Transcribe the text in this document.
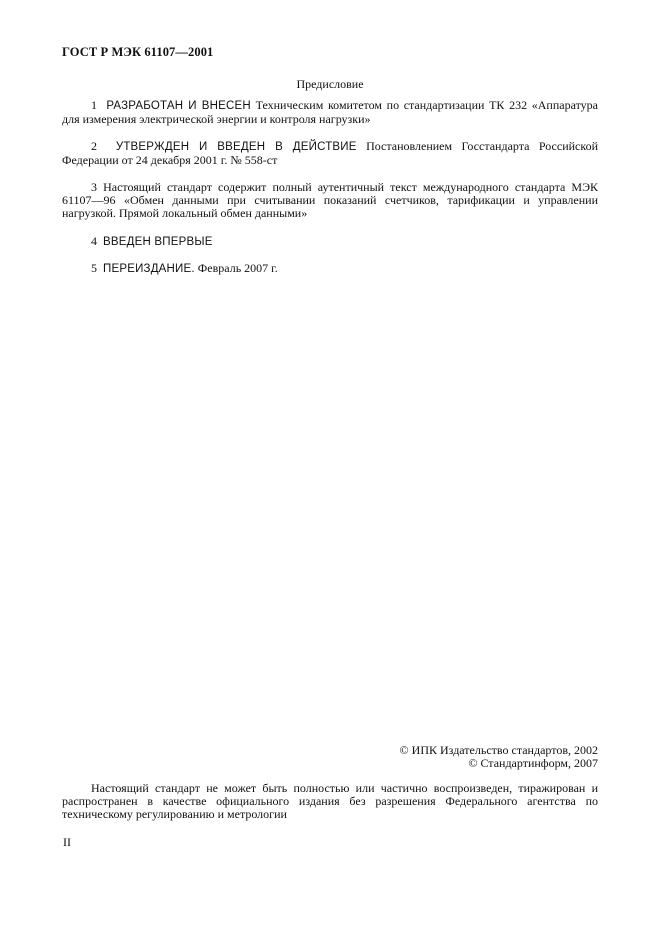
ГОСТ Р МЭК 61107—2001
Предисловие
1 РАЗРАБОТАН И ВНЕСЕН Техническим комитетом по стандартизации ТК 232 «Аппаратура для измерения электрической энергии и контроля нагрузки»
2 УТВЕРЖДЕН И ВВЕДЕН В ДЕЙСТВИЕ Постановлением Госстандарта Российской Федерации от 24 декабря 2001 г. № 558-ст
3 Настоящий стандарт содержит полный аутентичный текст международного стандарта МЭК 61107—96 «Обмен данными при считывании показаний счетчиков, тарификации и управлении нагрузкой. Прямой локальный обмен данными»
4 ВВЕДЕН ВПЕРВЫЕ
5 ПЕРЕИЗДАНИЕ. Февраль 2007 г.
© ИПК Издательство стандартов, 2002
© Стандартинформ, 2007
Настоящий стандарт не может быть полностью или частично воспроизведен, тиражирован и распространен в качестве официального издания без разрешения Федерального агентства по техническому регулированию и метрологии
II
